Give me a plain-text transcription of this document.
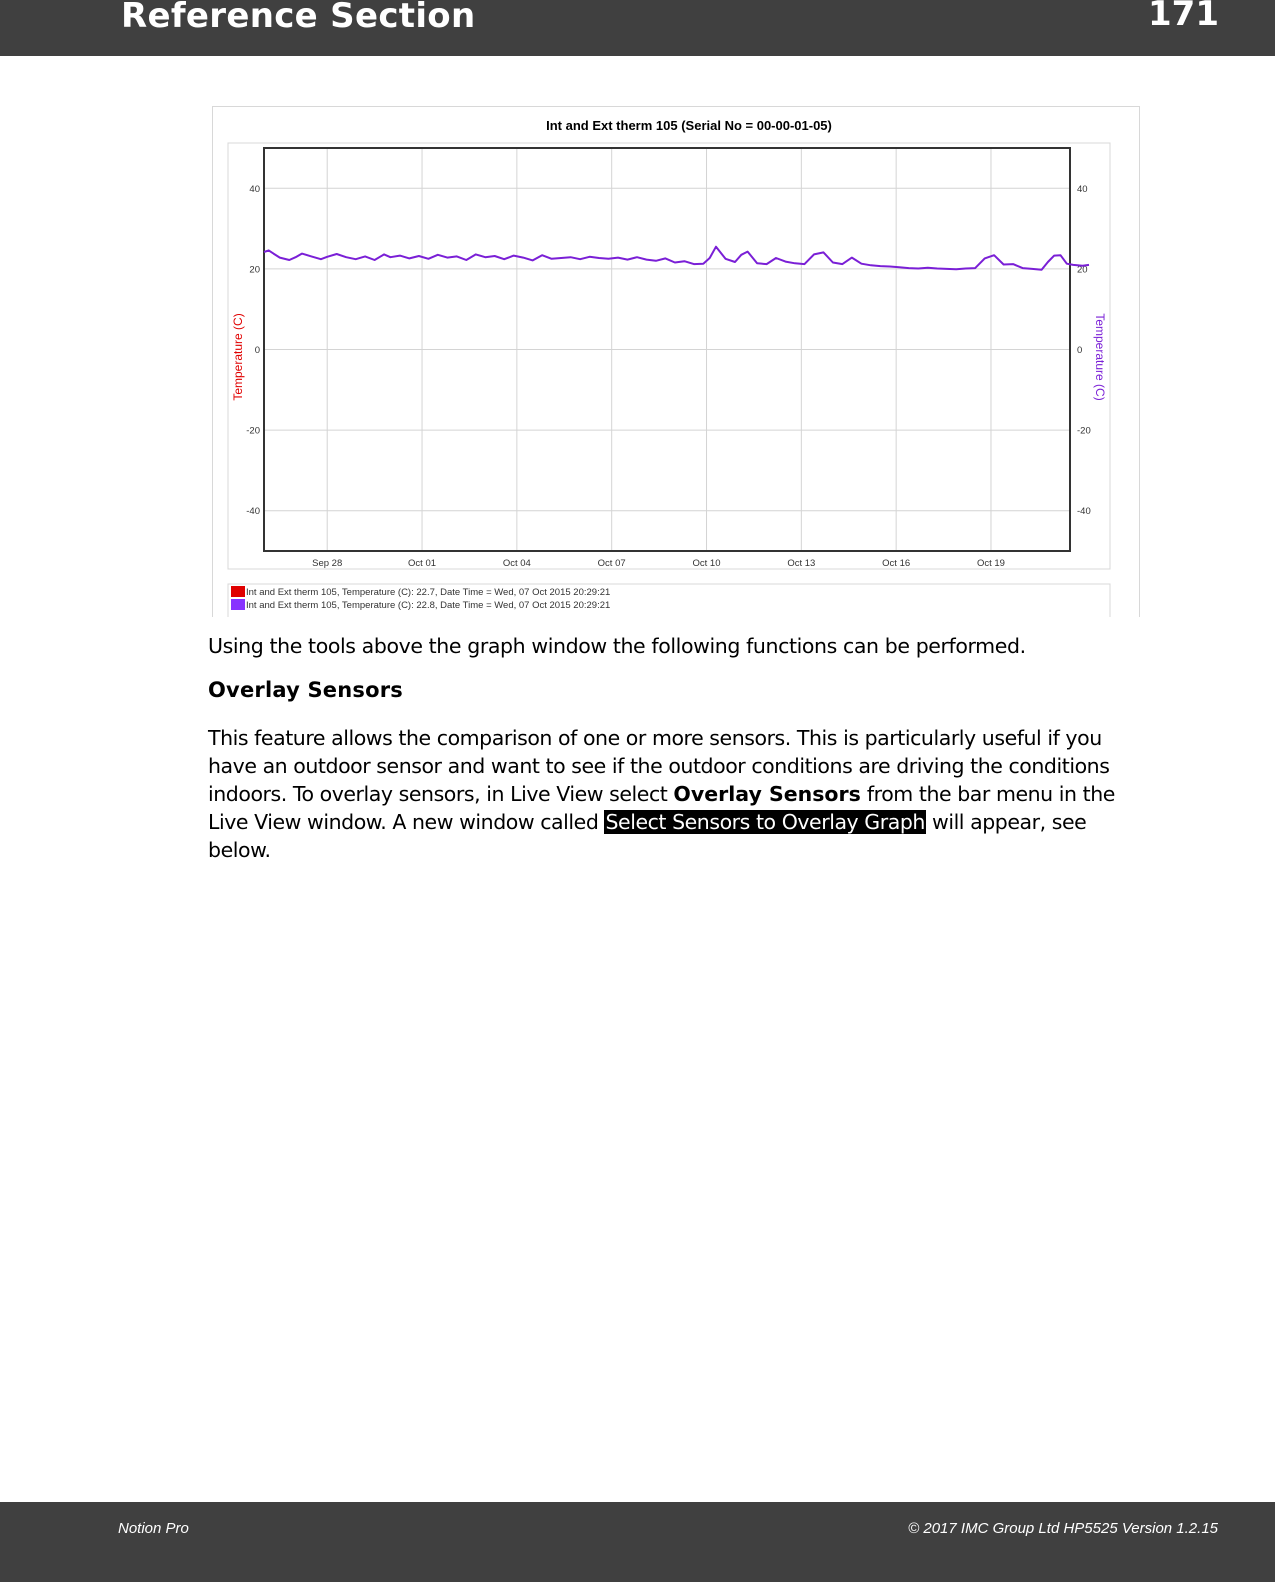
Reference Section	171
Int and Ext therm 105 (Serial No = 00-00-01-05)
40
20
0
-20
-40
40
20
0
-20
-40
Sep 28	Oct 01	Oct 04	Oct 07	Oct 10	Oct 13	Oct 16	Oct 19
Temperature (C)	Temperature (C)
Int and Ext therm 105, Temperature (C): 22.7, Date Time = Wed, 07 Oct 2015 20:29:21
Int and Ext therm 105, Temperature (C): 22.8, Date Time = Wed, 07 Oct 2015 20:29:21
Using the tools above the graph window the following functions can be performed.
Overlay Sensors
This feature allows the comparison of one or more sensors. This is particularly useful if you have an outdoor sensor and want to see if the outdoor conditions are driving the conditions indoors. To overlay sensors, in Live View select Overlay Sensors from the bar menu in the Live View window. A new window called Select Sensors to Overlay Graph will appear, see below.
Notion Pro	© 2017 IMC Group Ltd HP5525 Version 1.2.15
